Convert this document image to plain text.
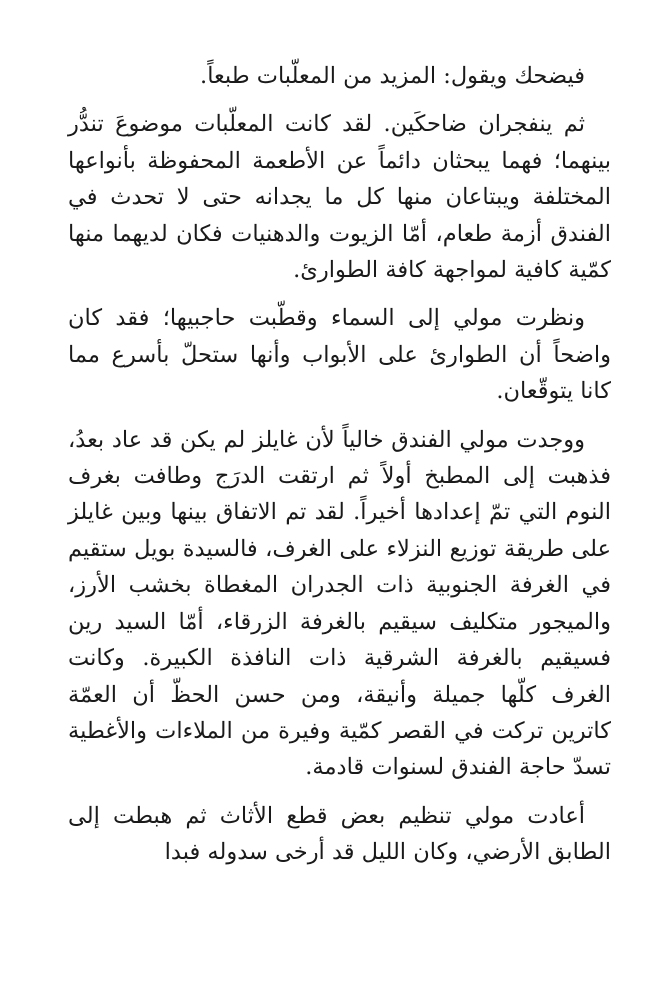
فيضحك ويقول: المزيد من المعلّبات طبعاً.

ثم ينفجران ضاحكَين. لقد كانت المعلّبات موضوعَ تندُّر بينهما؛ فهما يبحثان دائماً عن الأطعمة المحفوظة بأنواعها المختلفة ويبتاعان منها كل ما يجدانه حتى لا تحدث في الفندق أزمة طعام، أمّا الزيوت والدهنيات فكان لديهما منها كمّية كافية لمواجهة كافة الطوارئ.

ونظرت مولي إلى السماء وقطّبت حاجبيها؛ فقد كان واضحاً أن الطوارئ على الأبواب وأنها ستحلّ بأسرع مما كانا يتوقّعان.

ووجدت مولي الفندق خالياً لأن غايلز لم يكن قد عاد بعدُ، فذهبت إلى المطبخ أولاً ثم ارتقت الدرَج وطافت بغرف النوم التي تمّ إعدادها أخيراً. لقد تم الاتفاق بينها وبين غايلز على طريقة توزيع النزلاء على الغرف، فالسيدة بويل ستقيم في الغرفة الجنوبية ذات الجدران المغطاة بخشب الأرز، والميجور متكليف سيقيم بالغرفة الزرقاء، أمّا السيد رين فسيقيم بالغرفة الشرقية ذات النافذة الكبيرة. وكانت الغرف كلّها جميلة وأنيقة، ومن حسن الحظّ أن العمّة كاترين تركت في القصر كمّية وفيرة من الملاءات والأغطية تسدّ حاجة الفندق لسنوات قادمة.

أعادت مولي تنظيم بعض قطع الأثاث ثم هبطت إلى الطابق الأرضي، وكان الليل قد أرخى سدوله فبدا
